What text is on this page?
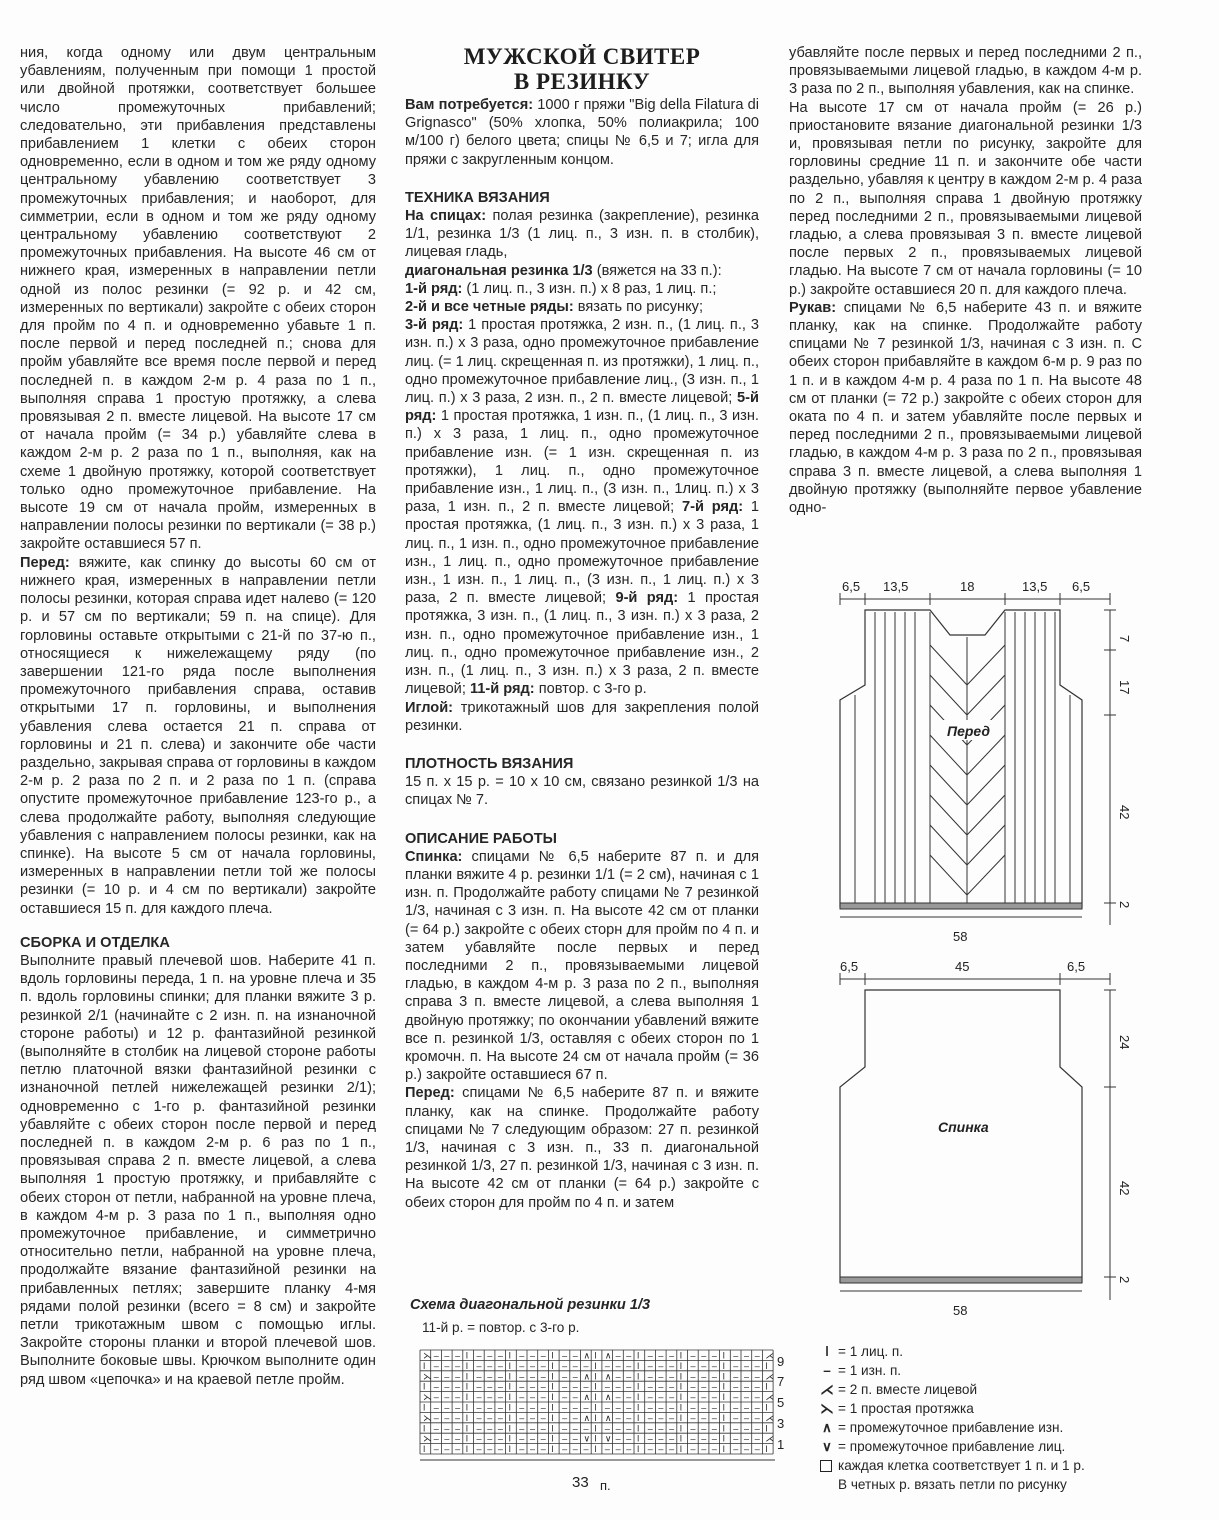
ния, когда одному или двум центральным убавлениям, полученным при помощи 1 простой или двойной протяжки, соответствует большее число промежуточных прибавлений; следовательно, эти прибавления представлены прибавлением 1 клетки с обеих сторон одновременно, если в одном и том же ряду одному центральному убавлению соответствует 3 промежуточных прибавления; и наоборот, для симметрии, если в одном и том же ряду одному центральному убавлению соответствуют 2 промежуточных прибавления. На высоте 46 см от нижнего края, измеренных в направлении петли одной из полос резинки (= 92 р. и 42 см, измеренных по вертикали) закройте с обеих сторон для пройм по 4 п. и одновременно убавьте 1 п. после первой и перед последней п.; снова для пройм убавляйте все время после первой и перед последней п. в каждом 2-м р. 4 раза по 1 п., выполняя справа 1 простую протяжку, а слева провязывая 2 п. вместе лицевой. На высоте 17 см от начала пройм (= 34 р.) убавляйте слева в каждом 2-м р. 2 раза по 1 п., выполняя, как на схеме 1 двойную протяжку, которой соответствует только одно промежуточное прибавление. На высоте 19 см от начала пройм, измеренных в направлении полосы резинки по вертикали (= 38 р.) закройте оставшиеся 57 п.

Перед: вяжите, как спинку до высоты 60 см от нижнего края, измеренных в направлении петли полосы резинки, которая справа идет налево (= 120 р. и 57 см по вертикали; 59 п. на спице). Для горловины оставьте открытыми с 21-й по 37-ю п., относящиеся к нижележащему ряду (по завершении 121-го ряда после выполнения промежуточного прибавления справа, оставив открытыми 17 п. горловины, и выполнения убавления слева остается 21 п. справа от горловины и 21 п. слева) и закончите обе части раздельно, закрывая справа от горловины в каждом 2-м р. 2 раза по 2 п. и 2 раза по 1 п. (справа опустите промежуточное прибавление 123-го р., а слева продолжайте работу, выполняя следующие убавления с направлением полосы резинки, как на спинке). На высоте 5 см от начала горловины, измеренных в направлении петли той же полосы резинки (= 10 р. и 4 см по вертикали) закройте оставшиеся 15 п. для каждого плеча.

СБОРКА И ОТДЕЛКА

Выполните правый плечевой шов. Наберите 41 п. вдоль горловины переда, 1 п. на уровне плеча и 35 п. вдоль горловины спинки; для планки вяжите 3 р. резинкой 2/1 (начинайте с 2 изн. п. на изнаночной стороне работы) и 12 р. фантазийной резинкой (выполняйте в столбик на лицевой стороне работы петлю платочной вязки фантазийной резинки с изнаночной петлей нижележащей резинки 2/1); одновременно с 1-го р. фантазийной резинки убавляйте с обеих сторон после первой и перед последней п. в каждом 2-м р. 6 раз по 1 п., провязывая справа 2 п. вместе лицевой, а слева выполняя 1 простую протяжку, и прибавляйте с обеих сторон от петли, набранной на уровне плеча, в каждом 4-м р. 3 раза по 1 п., выполняя одно промежуточное прибавление, и симметрично относительно петли, набранной на уровне плеча, продолжайте вязание фантазийной резинки на прибавленных петлях; завершите планку 4-мя рядами полой резинки (всего = 8 см) и закройте петли трикотажным швом с помощью иглы. Закройте стороны планки и второй плечевой шов. Выполните боковые швы. Крючком выполните один ряд швом «цепочка» и на краевой петле пройм.

МУЖСКОЙ СВИТЕР
В РЕЗИНКУ

Вам потребуется: 1000 г пряжи "Big della Filatura di Grignasco" (50% хлопка, 50% полиакрила; 100 м/100 г) белого цвета; спицы № 6,5 и 7; игла для пряжи с закругленным концом.

ТЕХНИКА ВЯЗАНИЯ

На спицах: полая резинка (закрепление), резинка 1/1, резинка 1/3 (1 лиц. п., 3 изн. п. в столбик), лицевая гладь,

диагональная резинка 1/3 (вяжется на 33 п.):
1-й ряд: (1 лиц. п., 3 изн. п.) х 8 раз, 1 лиц. п.;
2-й и все четные ряды: вязать по рисунку;
3-й ряд: 1 простая протяжка, 2 изн. п., (1 лиц. п., 3 изн. п.) х 3 раза, одно промежуточное прибавление лиц. (= 1 лиц. скрещенная п. из протяжки), 1 лиц. п., одно промежуточное прибавление лиц., (3 изн. п., 1 лиц. п.) х 3 раза, 2 изн. п., 2 п. вместе лицевой; 5-й ряд: 1 простая протяжка, 1 изн. п., (1 лиц. п., 3 изн. п.) х 3 раза, 1 лиц. п., одно промежуточное прибавление изн. (= 1 изн. скрещенная п. из протяжки), 1 лиц. п., одно промежуточное прибавление изн., 1 лиц. п., (3 изн. п., 1лиц. п.) х 3 раза, 1 изн. п., 2 п. вместе лицевой; 7-й ряд: 1 простая протяжка, (1 лиц. п., 3 изн. п.) х 3 раза, 1 лиц. п., 1 изн. п., одно промежуточное прибавление изн., 1 лиц. п., одно промежуточное прибавление изн., 1 изн. п., 1 лиц. п., (3 изн. п., 1 лиц. п.) х 3 раза, 2 п. вместе лицевой; 9-й ряд: 1 простая протяжка, 3 изн. п., (1 лиц. п., 3 изн. п.) х 3 раза, 2 изн. п., одно промежуточное прибавление изн., 1 лиц. п., одно промежуточное прибавление изн., 2 изн. п., (1 лиц. п., 3 изн. п.) х 3 раза, 2 п. вместе лицевой; 11-й ряд: повтор. с 3-го р.

Иглой: трикотажный шов для закрепления полой резинки.

ПЛОТНОСТЬ ВЯЗАНИЯ

15 п. х 15 р. = 10 х 10 см, связано резинкой 1/3 на спицах № 7.

ОПИСАНИЕ РАБОТЫ

Спинка: спицами № 6,5 наберите 87 п. и для планки вяжите 4 р. резинки 1/1 (= 2 см), начиная с 1 изн. п. Продолжайте работу спицами № 7 резинкой 1/3, начиная с 3 изн. п. На высоте 42 см от планки (= 64 р.) закройте с обеих сторн для пройм по 4 п. и затем убавляйте после первых и перед последними 2 п., провязываемыми лицевой гладью, в каждом 4-м р. 3 раза по 2 п., выполняя справа 3 п. вместе лицевой, а слева выполняя 1 двойную протяжку; по окончании убавлений вяжите все п. резинкой 1/3, оставляя с обеих сторон по 1 кромочн. п. На высоте 24 см от начала пройм (= 36 р.) закройте оставшиеся 67 п.

Перед: спицами № 6,5 наберите 87 п. и вяжите планку, как на спинке. Продолжайте работу спицами № 7 следующим образом: 27 п. резинкой 1/3, начиная с 3 изн. п., 33 п. диагональной резинкой 1/3, 27 п. резинкой 1/3, начиная с 3 изн. п. На высоте 42 см от планки (= 64 р.) закройте с обеих сторон для пройм по 4 п. и затем

убавляйте после первых и перед последними 2 п., провязываемыми лицевой гладью, в каждом 4-м р. 3 раза по 2 п., выполняя убавления, как на спинке.

На высоте 17 см от начала пройм (= 26 р.) приостановите вязание диагональной резинки 1/3 и, провязывая петли по рисунку, закройте для горловины средние 11 п. и закончите обе части раздельно, убавляя к центру в каждом 2-м р. 4 раза по 2 п., выполняя справа 1 двойную протяжку перед последними 2 п., провязываемыми лицевой гладью, а слева провязывая 3 п. вместе лицевой после первых 2 п., провязываемых лицевой гладью. На высоте 7 см от начала горловины (= 10 р.) закройте оставшиеся 20 п. для каждого плеча.

Рукав: спицами № 6,5 наберите 43 п. и вяжите планку, как на спинке. Продолжайте работу спицами № 7 резинкой 1/3, начиная с 3 изн. п. С обеих сторон прибавляйте в каждом 6-м р. 9 раз по 1 п. и в каждом 4-м р. 4 раза по 1 п. На высоте 48 см от планки (= 72 р.) закройте с обеих сторон для оката по 4 п. и затем убавляйте после первых и перед последними 2 п., провязываемыми лицевой гладью, в каждом 4-м р. 3 раза по 2 п., провязывая справа 3 п. вместе лицевой, а слева выполняя 1 двойную протяжку (выполняйте первое убавление одно-

Перед
6,5 13,5	18	13,5 6,5
7
17
42
2
58
Спинка
6,5	45	6,5
24
42
2
58
Схема диагональной резинки 1/3
11-й р. = повтор. с 3-го р.
⋋ – – – ǀ – – – ǀ – – – ǀ – – ∧ ǀ ∧ – – ǀ – – – ǀ – – – ǀ – – – ⋌
ǀ – – – ǀ – – – ǀ – – – ǀ – – – ǀ – – – ǀ – – – ǀ – – – ǀ – – – ǀ
⋋ – – – ǀ – – – ǀ – – – ǀ – – ∧ ǀ ∧ – – ǀ – – – ǀ – – – ǀ – – – ⋌
ǀ – – – ǀ – – – ǀ – – – ǀ – – – ǀ – – – ǀ – – – ǀ – – – ǀ – – – ǀ
⋋ – – – ǀ – – – ǀ – – – ǀ – – ∧ ǀ ∧ – – ǀ – – – ǀ – – – ǀ – – – ⋌
ǀ – – – ǀ – – – ǀ – – – ǀ – – – ǀ – – – ǀ – – – ǀ – – – ǀ – – – ǀ
⋋ – – – ǀ – – – ǀ – – – ǀ – – ∧ ǀ ∧ – – ǀ – – – ǀ – – – ǀ – – – ⋌
ǀ – – – ǀ – – – ǀ – – – ǀ – – – ǀ – – – ǀ – – – ǀ – – – ǀ – – – ǀ
⋋ – – – ǀ – – – ǀ – – – ǀ – – ∨ ǀ ∨ – – ǀ – – – ǀ – – – ǀ – – – ⋌
ǀ – – – ǀ – – – ǀ – – – ǀ – – – ǀ – – – ǀ – – – ǀ – – – ǀ – – – ǀ
33 п.
9
7
5
3
1
ǀ = 1 лиц. п.
– = 1 изн. п.
⋌ = 2 п. вместе лицевой
⋋ = 1 простая протяжка
∧ = промежуточное прибавление изн.
∨ = промежуточное прибавление лиц.
каждая клетка соответствует 1 п. и 1 р.
В четных р. вязать петли по рисунку
